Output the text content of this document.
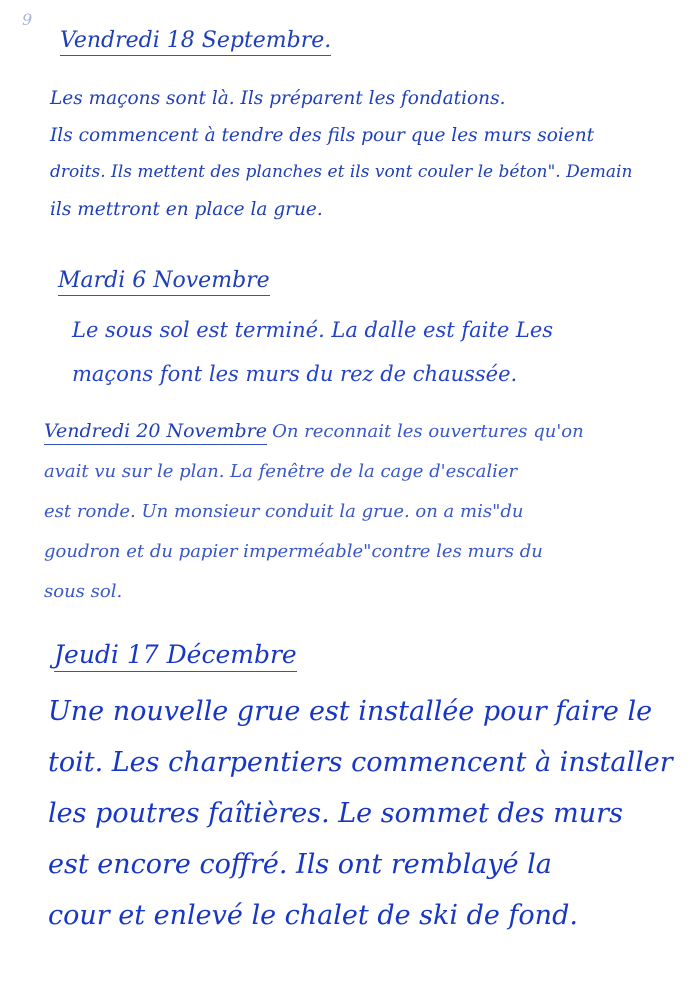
9
Vendredi 18 Septembre.
Les maçons sont là. Ils préparent les fondations.
Ils commencent à tendre des fils pour que les murs soient
droits. Ils mettent des planches et ils vont couler le béton". Demain
ils mettront en place la grue.
Mardi 6 Novembre
Le sous sol est terminé. La dalle est faite Les
maçons font les murs du rez de chaussée.
Vendredi 20 Novembre On reconnait les ouvertures qu'on
avait vu sur le plan. La fenêtre de la cage d'escalier
est ronde. Un monsieur conduit la grue. on a mis"du
goudron et du papier imperméable"contre les murs du
sous sol.
Jeudi 17 Décembre
Une nouvelle grue est installée pour faire le
toit. Les charpentiers commencent à installer
les poutres faîtières. Le sommet des murs
est encore coffré. Ils ont remblayé la
cour et enlevé le chalet de ski de fond.
